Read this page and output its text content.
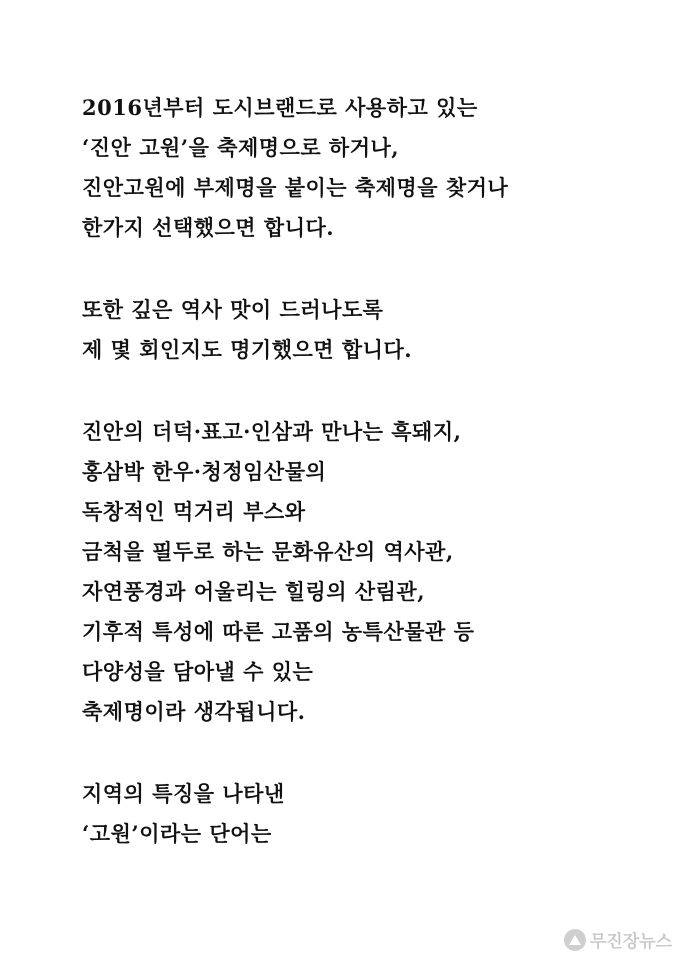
2016년부터 도시브랜드로 사용하고 있는
‘진안 고원’을 축제명으로 하거나,
진안고원에 부제명을 붙이는 축제명을 찾거나
한가지 선택했으면 합니다.
또한 깊은 역사 맛이 드러나도록
제 몇 회인지도 명기했으면 합니다.
진안의 더덕·표고·인삼과 만나는 흑돼지,
홍삼박 한우·청정임산물의
독창적인 먹거리 부스와
금척을 필두로 하는 문화유산의 역사관,
자연풍경과 어울리는 힐링의 산림관,
기후적 특성에 따른 고품의 농특산물관 등
다양성을 담아낼 수 있는
축제명이라 생각됩니다.
지역의 특징을 나타낸
‘고원’이라는 단어는
무진장뉴스
